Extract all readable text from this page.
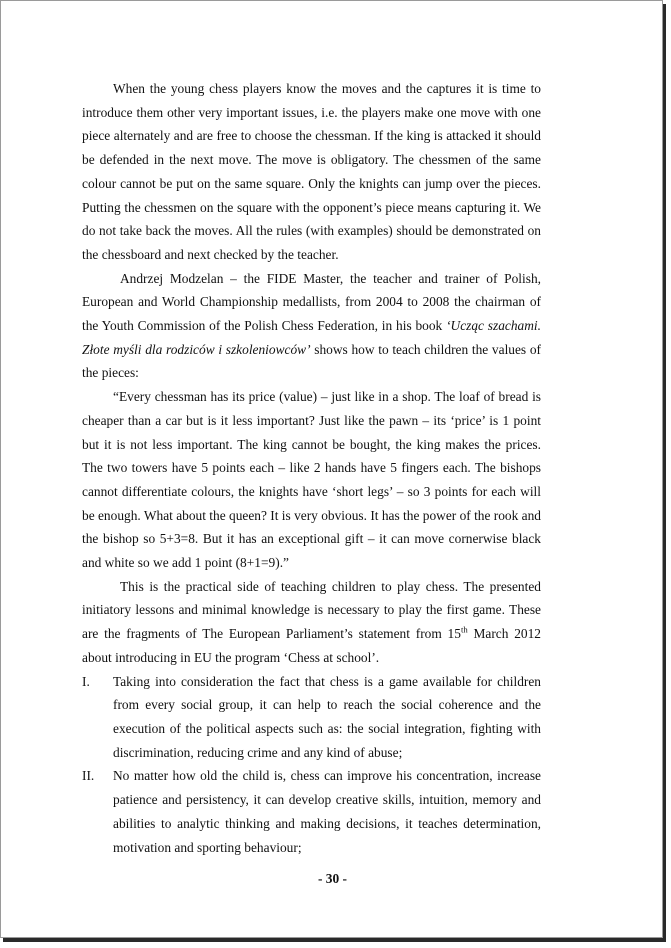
When the young chess players know the moves and the captures it is time to introduce them other very important issues, i.e. the players make one move with one piece alternately and are free to choose the chessman. If the king is attacked it should be defended in the next move. The move is obligatory. The chessmen of the same colour cannot be put on the same square. Only the knights can jump over the pieces. Putting the chessmen on the square with the opponent’s piece means capturing it. We do not take back the moves. All the rules (with examples) should be demonstrated on the chessboard and next checked by the teacher.

Andrzej Modzelan – the FIDE Master, the teacher and trainer of Polish, European and World Championship medallists, from 2004 to 2008 the chairman of the Youth Commission of the Polish Chess Federation, in his book ‘Ucząc szachami. Złote myśli dla rodziców i szkoleniowców’ shows how to teach children the values of the pieces:

“Every chessman has its price (value) – just like in a shop. The loaf of bread is cheaper than a car but is it less important? Just like the pawn – its ‘price’ is 1 point but it is not less important. The king cannot be bought, the king makes the prices. The two towers have 5 points each – like 2 hands have 5 fingers each. The bishops cannot differentiate colours, the knights have ‘short legs’ – so 3 points for each will be enough. What about the queen? It is very obvious. It has the power of the rook and the bishop so 5+3=8. But it has an exceptional gift – it can move cornerwise black and white so we add 1 point (8+1=9).”

This is the practical side of teaching children to play chess. The presented initiatory lessons and minimal knowledge is necessary to play the first game. These are the fragments of The European Parliament’s statement from 15th March 2012 about introducing in EU the program ‘Chess at school’.

I.	Taking into consideration the fact that chess is a game available for children from every social group, it can help to reach the social coherence and the execution of the political aspects such as: the social integration, fighting with discrimination, reducing crime and any kind of abuse;
II.	No matter how old the child is, chess can improve his concentration, increase patience and persistency, it can develop creative skills, intuition, memory and abilities to analytic thinking and making decisions, it teaches determination, motivation and sporting behaviour;
- 30 -
